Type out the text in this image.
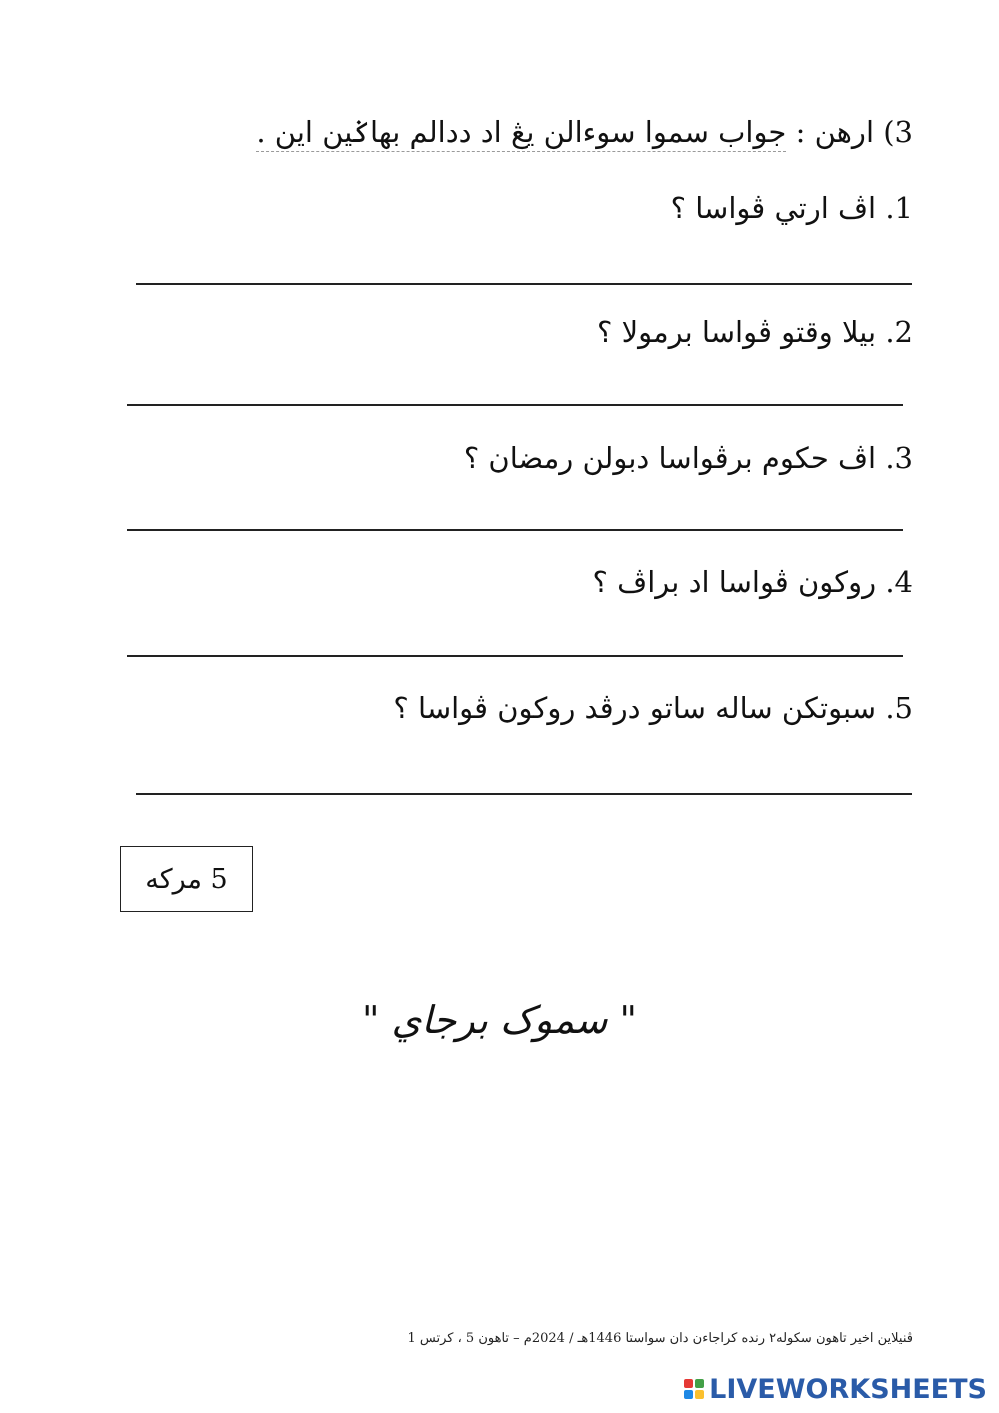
3) ارهن : جواب سموا سوءالن يڠ اد ددالم بهاݢين اين .
1. اڤ ارتي ڤواسا ؟
2. بيلا وقتو ڤواسا برمولا ؟
3. اڤ حکوم برڤواسا دبولن رمضان ؟
4. روکون ڤواسا اد براڤ ؟
5. سبوتکن ساله ساتو درڤد روکون ڤواسا ؟
5 مرکه
" سموک برجاي "
ڤنيلاين اخير تاهون سکوله٢ رنده کراجاءن دان سواستا 1446هـ / 2024م – تاهون 5 ، ک‍رتس 1
LIVEWORKSHEETS
